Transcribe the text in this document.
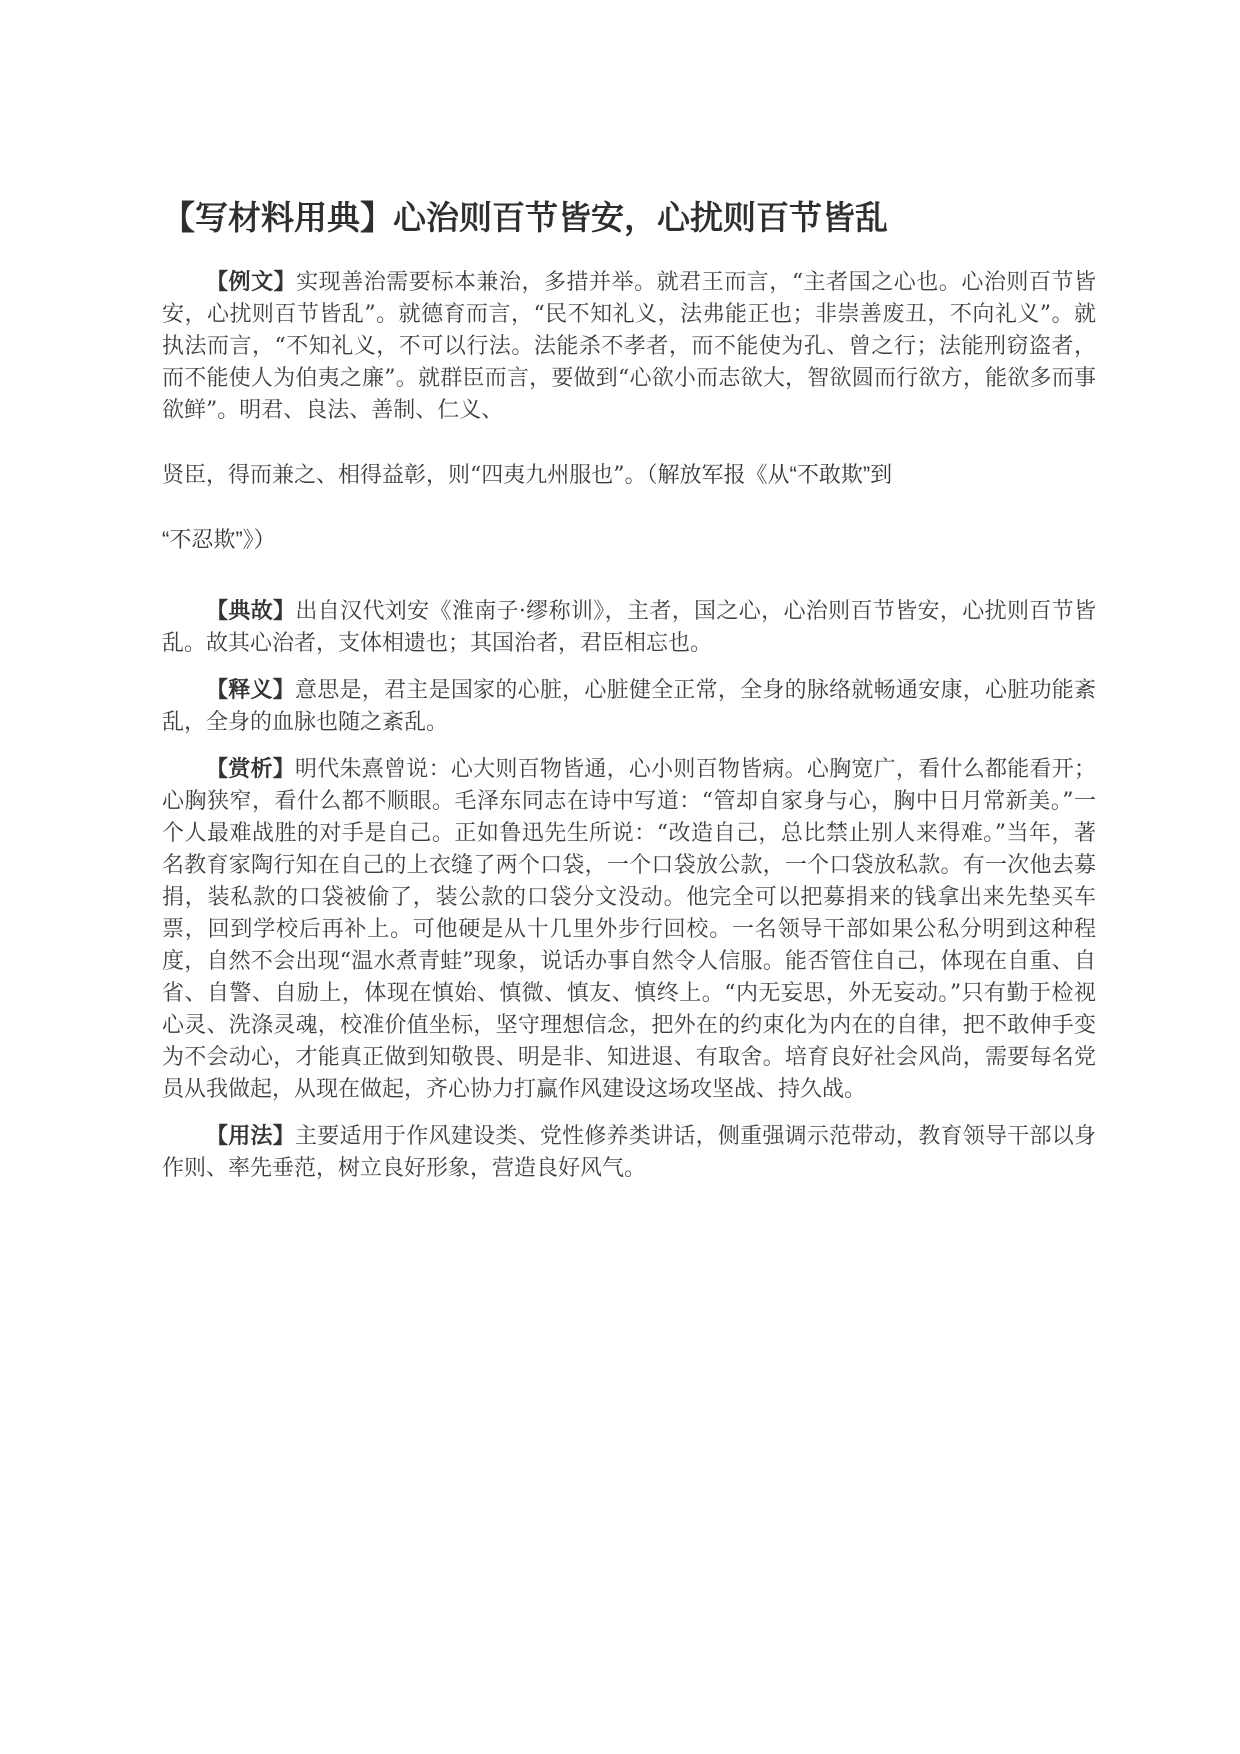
【写材料用典】心治则百节皆安，心扰则百节皆乱
【例文】实现善治需要标本兼治，多措并举。就君王而言，“主者国之心也。心治则百节皆安，心扰则百节皆乱”。就德育而言，“民不知礼义，法弗能正也；非崇善废丑，不向礼义”。就执法而言，“不知礼义，不可以行法。法能杀不孝者，而不能使为孔、曾之行；法能刑窃盗者，而不能使人为伯夷之廉”。就群臣而言，要做到“心欲小而志欲大，智欲圆而行欲方，能欲多而事欲鲜”。明君、良法、善制、仁义、
贤臣，得而兼之、相得益彰，则“四夷九州服也”。（解放军报《从“不敢欺”到
“不忍欺”》）
【典故】出自汉代刘安《淮南子·缪称训》，主者，国之心，心治则百节皆安，心扰则百节皆乱。故其心治者，支体相遗也；其国治者，君臣相忘也。
【释义】意思是，君主是国家的心脏，心脏健全正常，全身的脉络就畅通安康，心脏功能紊乱，全身的血脉也随之紊乱。
【赏析】明代朱熹曾说：心大则百物皆通，心小则百物皆病。心胸宽广，看什么都能看开；心胸狭窄，看什么都不顺眼。毛泽东同志在诗中写道：“管却自家身与心，胸中日月常新美。”一个人最难战胜的对手是自己。正如鲁迅先生所说：“改造自己，总比禁止别人来得难。”当年，著名教育家陶行知在自己的上衣缝了两个口袋，一个口袋放公款，一个口袋放私款。有一次他去募捐，装私款的口袋被偷了，装公款的口袋分文没动。他完全可以把募捐来的钱拿出来先垫买车票，回到学校后再补上。可他硬是从十几里外步行回校。一名领导干部如果公私分明到这种程度，自然不会出现“温水煮青蛙”现象，说话办事自然令人信服。能否管住自己，体现在自重、自省、自警、自励上，体现在慎始、慎微、慎友、慎终上。“内无妄思，外无妄动。”只有勤于检视心灵、洗涤灵魂，校准价值坐标，坚守理想信念，把外在的约束化为内在的自律，把不敢伸手变为不会动心，才能真正做到知敬畏、明是非、知进退、有取舍。培育良好社会风尚，需要每名党员从我做起，从现在做起，齐心协力打赢作风建设这场攻坚战、持久战。
【用法】主要适用于作风建设类、党性修养类讲话，侧重强调示范带动，教育领导干部以身作则、率先垂范，树立良好形象，营造良好风气。
